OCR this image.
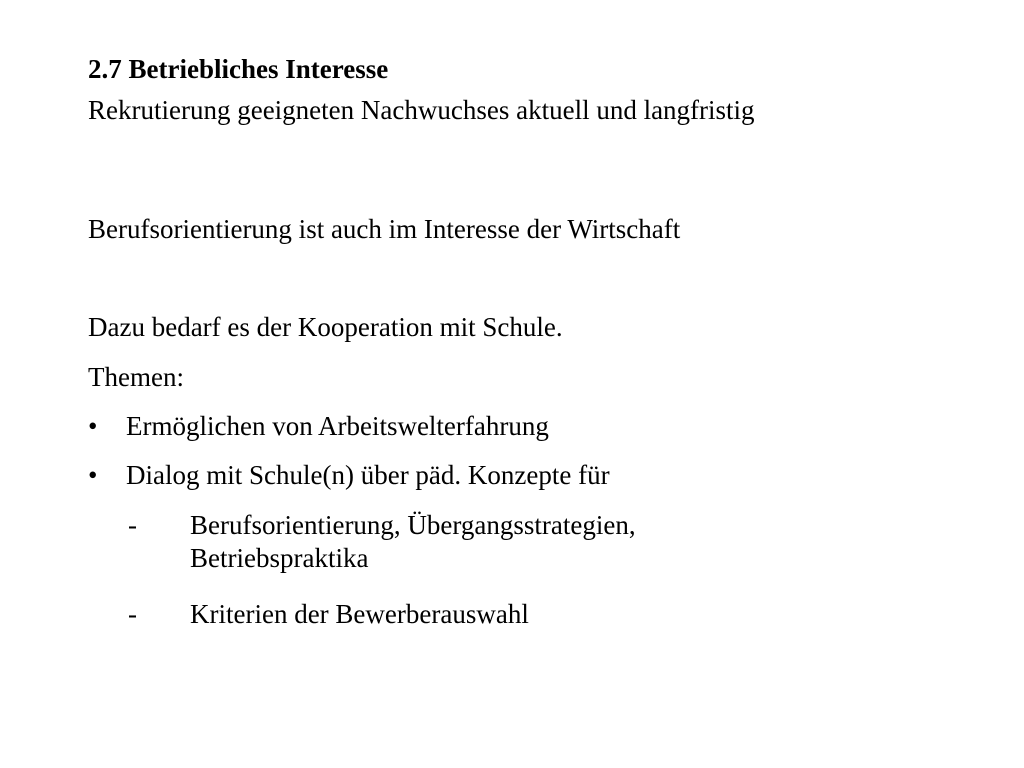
2.7 Betriebliches Interesse

Rekrutierung geeigneten Nachwuchses aktuell und langfristig

Berufsorientierung ist auch im Interesse der Wirtschaft

Dazu bedarf es der Kooperation mit Schule.

Themen:

•	Ermöglichen von Arbeitswelterfahrung
•	Dialog mit Schule(n) über päd. Konzepte für
-	Berufsorientierung, Übergangsstrategien, Betriebspraktika
-	Kriterien der Bewerberauswahl
